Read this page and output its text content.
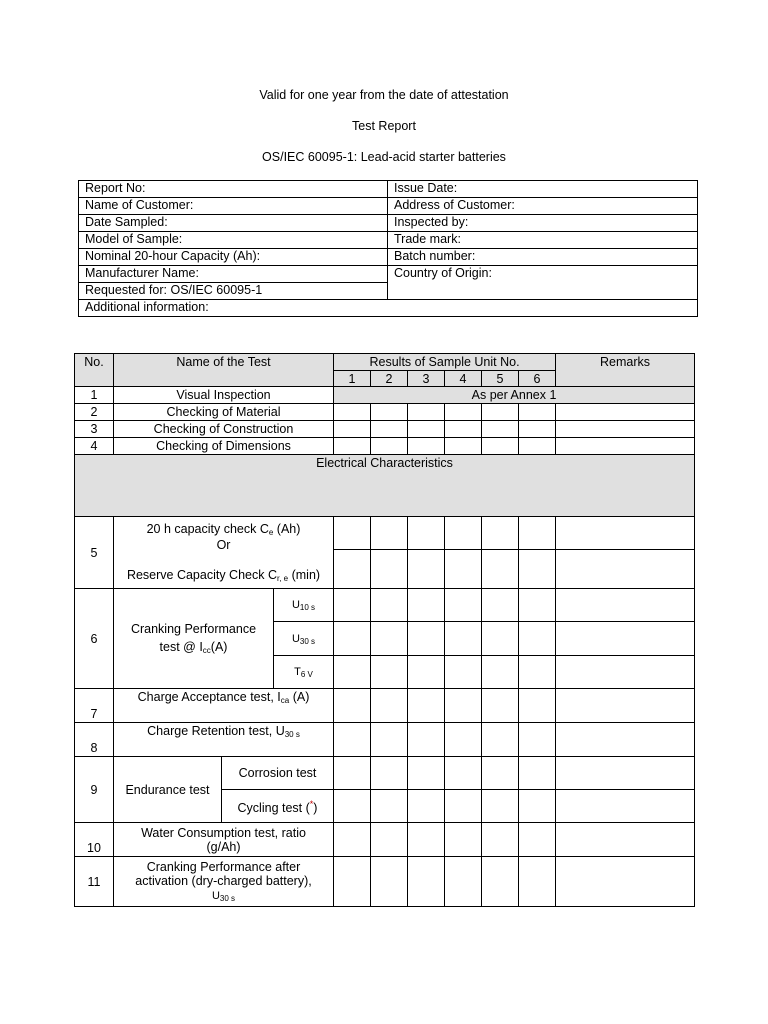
Valid for one year from the date of attestation
Test Report
OS/IEC 60095-1: Lead-acid starter batteries
Report No:	Issue Date:
Name of Customer:	Address of Customer:
Date Sampled:	Inspected by:
Model of Sample:	Trade mark:
Nominal 20-hour Capacity (Ah):	Batch number:
Manufacturer Name:	Country of Origin:
Requested for: OS/IEC 60095-1	
Additional information:	
No.	Name of the Test			Results of Sample Unit No.						Remarks
				1	2	3	4	5	6	
1	Visual Inspection			As per Annex 1						
2	Checking of Material									
3	Checking of Construction									
4	Checking of Dimensions									
Electrical Characteristics										
5	20 h capacity check Ce (Ah)
Or
Reserve Capacity Check Cr, e (min)									

6	Cranking Performance
test @ Icc(A)		U10 s							
			U30 s							
			T6 V							
7	Charge Acceptance test, Ica (A)									
8	Charge Retention test, U30 s									
9	Endurance test	Corrosion test								
		Cycling test (*)								
10	Water Consumption test, ratio
(g/Ah)									

11	Cranking Performance after
activation (dry-charged battery),
U30 s									
